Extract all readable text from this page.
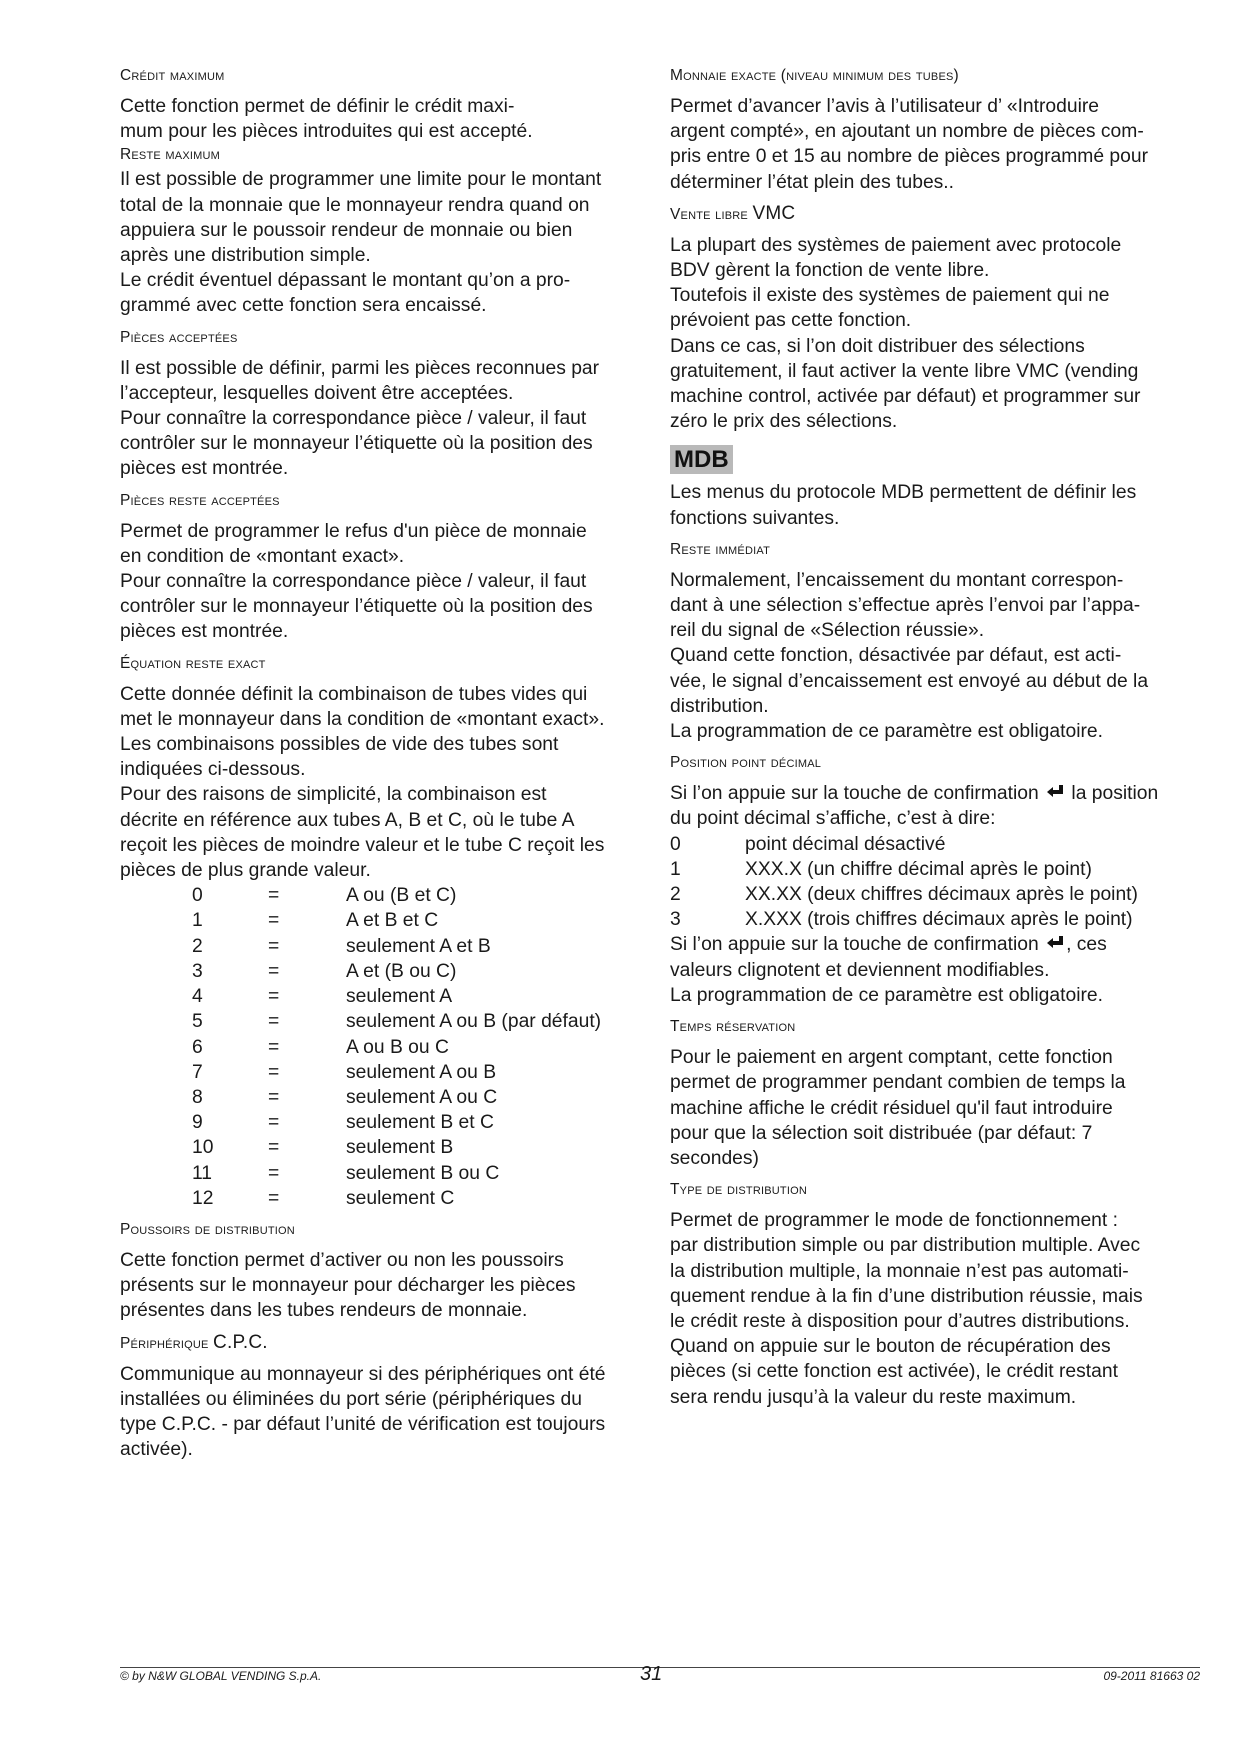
Crédit maximum

Cette fonction permet de définir le crédit maxi-

mum pour les pièces introduites qui est accepté.

Reste maximum

Il est possible de programmer une limite pour le montant

total de la monnaie que le monnayeur rendra quand on

appuiera sur le poussoir rendeur de monnaie ou bien

après une distribution simple.

Le crédit éventuel dépassant le montant qu’on a pro-

grammé avec cette fonction sera encaissé.

Pièces acceptées

Il est possible de définir, parmi les pièces reconnues par

l’accepteur, lesquelles doivent être acceptées.

Pour connaître la correspondance pièce / valeur, il faut

contrôler sur le monnayeur l’étiquette où la position des

pièces est montrée.

Pièces reste acceptées

Permet de programmer le refus d'un pièce de monnaie

en condition de «montant exact».

Pour connaître la correspondance pièce / valeur, il faut

contrôler sur le monnayeur l’étiquette où la position des

pièces est montrée.

Équation reste exact

Cette donnée définit la combinaison de tubes vides qui

met le monnayeur dans la condition de «montant exact».

Les combinaisons possibles de vide des tubes sont

indiquées ci-dessous.

Pour des raisons de simplicité, la combinaison est

décrite en référence aux tubes A, B et C, où le tube A

reçoit les pièces de moindre valeur et le tube C reçoit les

pièces de plus grande valeur.

0	=	A ou (B et C)
1	=	A et B et C
2	=	seulement A et B
3	=	A et (B ou C)
4	=	seulement A
5	=	seulement A ou B (par défaut)
6	=	A ou B ou C
7	=	seulement A ou B
8	=	seulement A ou C
9	=	seulement B et C
10	=	seulement B
11	=	seulement B ou C
12	=	seulement C
Poussoirs de distribution

Cette fonction permet d’activer ou non les poussoirs

présents sur le monnayeur pour décharger les pièces

présentes dans les tubes rendeurs de monnaie.

Périphérique C.P.C.

Communique au monnayeur si des périphériques ont été

installées ou éliminées du port série (périphériques du

type C.P.C. - par défaut l’unité de vérification est toujours

activée).

Monnaie exacte (niveau minimum des tubes)

Permet d’avancer l’avis à l’utilisateur d’ «Introduire

argent compté», en ajoutant un nombre de pièces com-

pris entre 0 et 15 au nombre de pièces programmé pour

déterminer l’état plein des tubes..

Vente libre VMC

La plupart des systèmes de paiement avec protocole

BDV gèrent la fonction de vente libre.

Toutefois il existe des systèmes de paiement qui ne

prévoient pas cette fonction.

Dans ce cas, si l’on doit distribuer des sélections

gratuitement, il faut activer la vente libre VMC (vending

machine control, activée par défaut) et programmer sur

zéro le prix des sélections.

MDB

Les menus du protocole MDB permettent de définir les

fonctions suivantes.

Reste immédiat

Normalement, l’encaissement du montant correspon-

dant à une sélection s’effectue après l’envoi par l’appa-

reil du signal de «Sélection réussie».

Quand cette fonction, désactivée par défaut, est acti-

vée, le signal d’encaissement est envoyé au début de la

distribution.

La programmation de ce paramètre est obligatoire.

Position point décimal

Si l’on appuie sur la touche de confirmation  la position

du point décimal s’affiche, c’est à dire:

0	point décimal désactivé
1	XXX.X (un chiffre décimal après le point)
2	XX.XX (deux chiffres décimaux après le point)
3	X.XXX (trois chiffres décimaux après le point)

Si l’on appuie sur la touche de confirmation , ces

valeurs clignotent et deviennent modifiables.

La programmation de ce paramètre est obligatoire.

Temps réservation

Pour le paiement en argent comptant, cette fonction

permet de programmer pendant combien de temps la

machine affiche le crédit résiduel qu'il faut introduire

pour que la sélection soit distribuée (par défaut: 7

secondes)

Type de distribution

Permet de programmer le mode de fonctionnement :

par distribution simple ou par distribution multiple. Avec

la distribution multiple, la monnaie n’est pas automati-

quement rendue à la fin d’une distribution réussie, mais

le crédit reste à disposition pour d’autres distributions.

Quand on appuie sur le bouton de récupération des

pièces (si cette fonction est activée), le crédit restant

sera rendu jusqu’à la valeur du reste maximum.

© by N&W GLOBAL VENDING S.p.A.	31	09-2011 81663 02
